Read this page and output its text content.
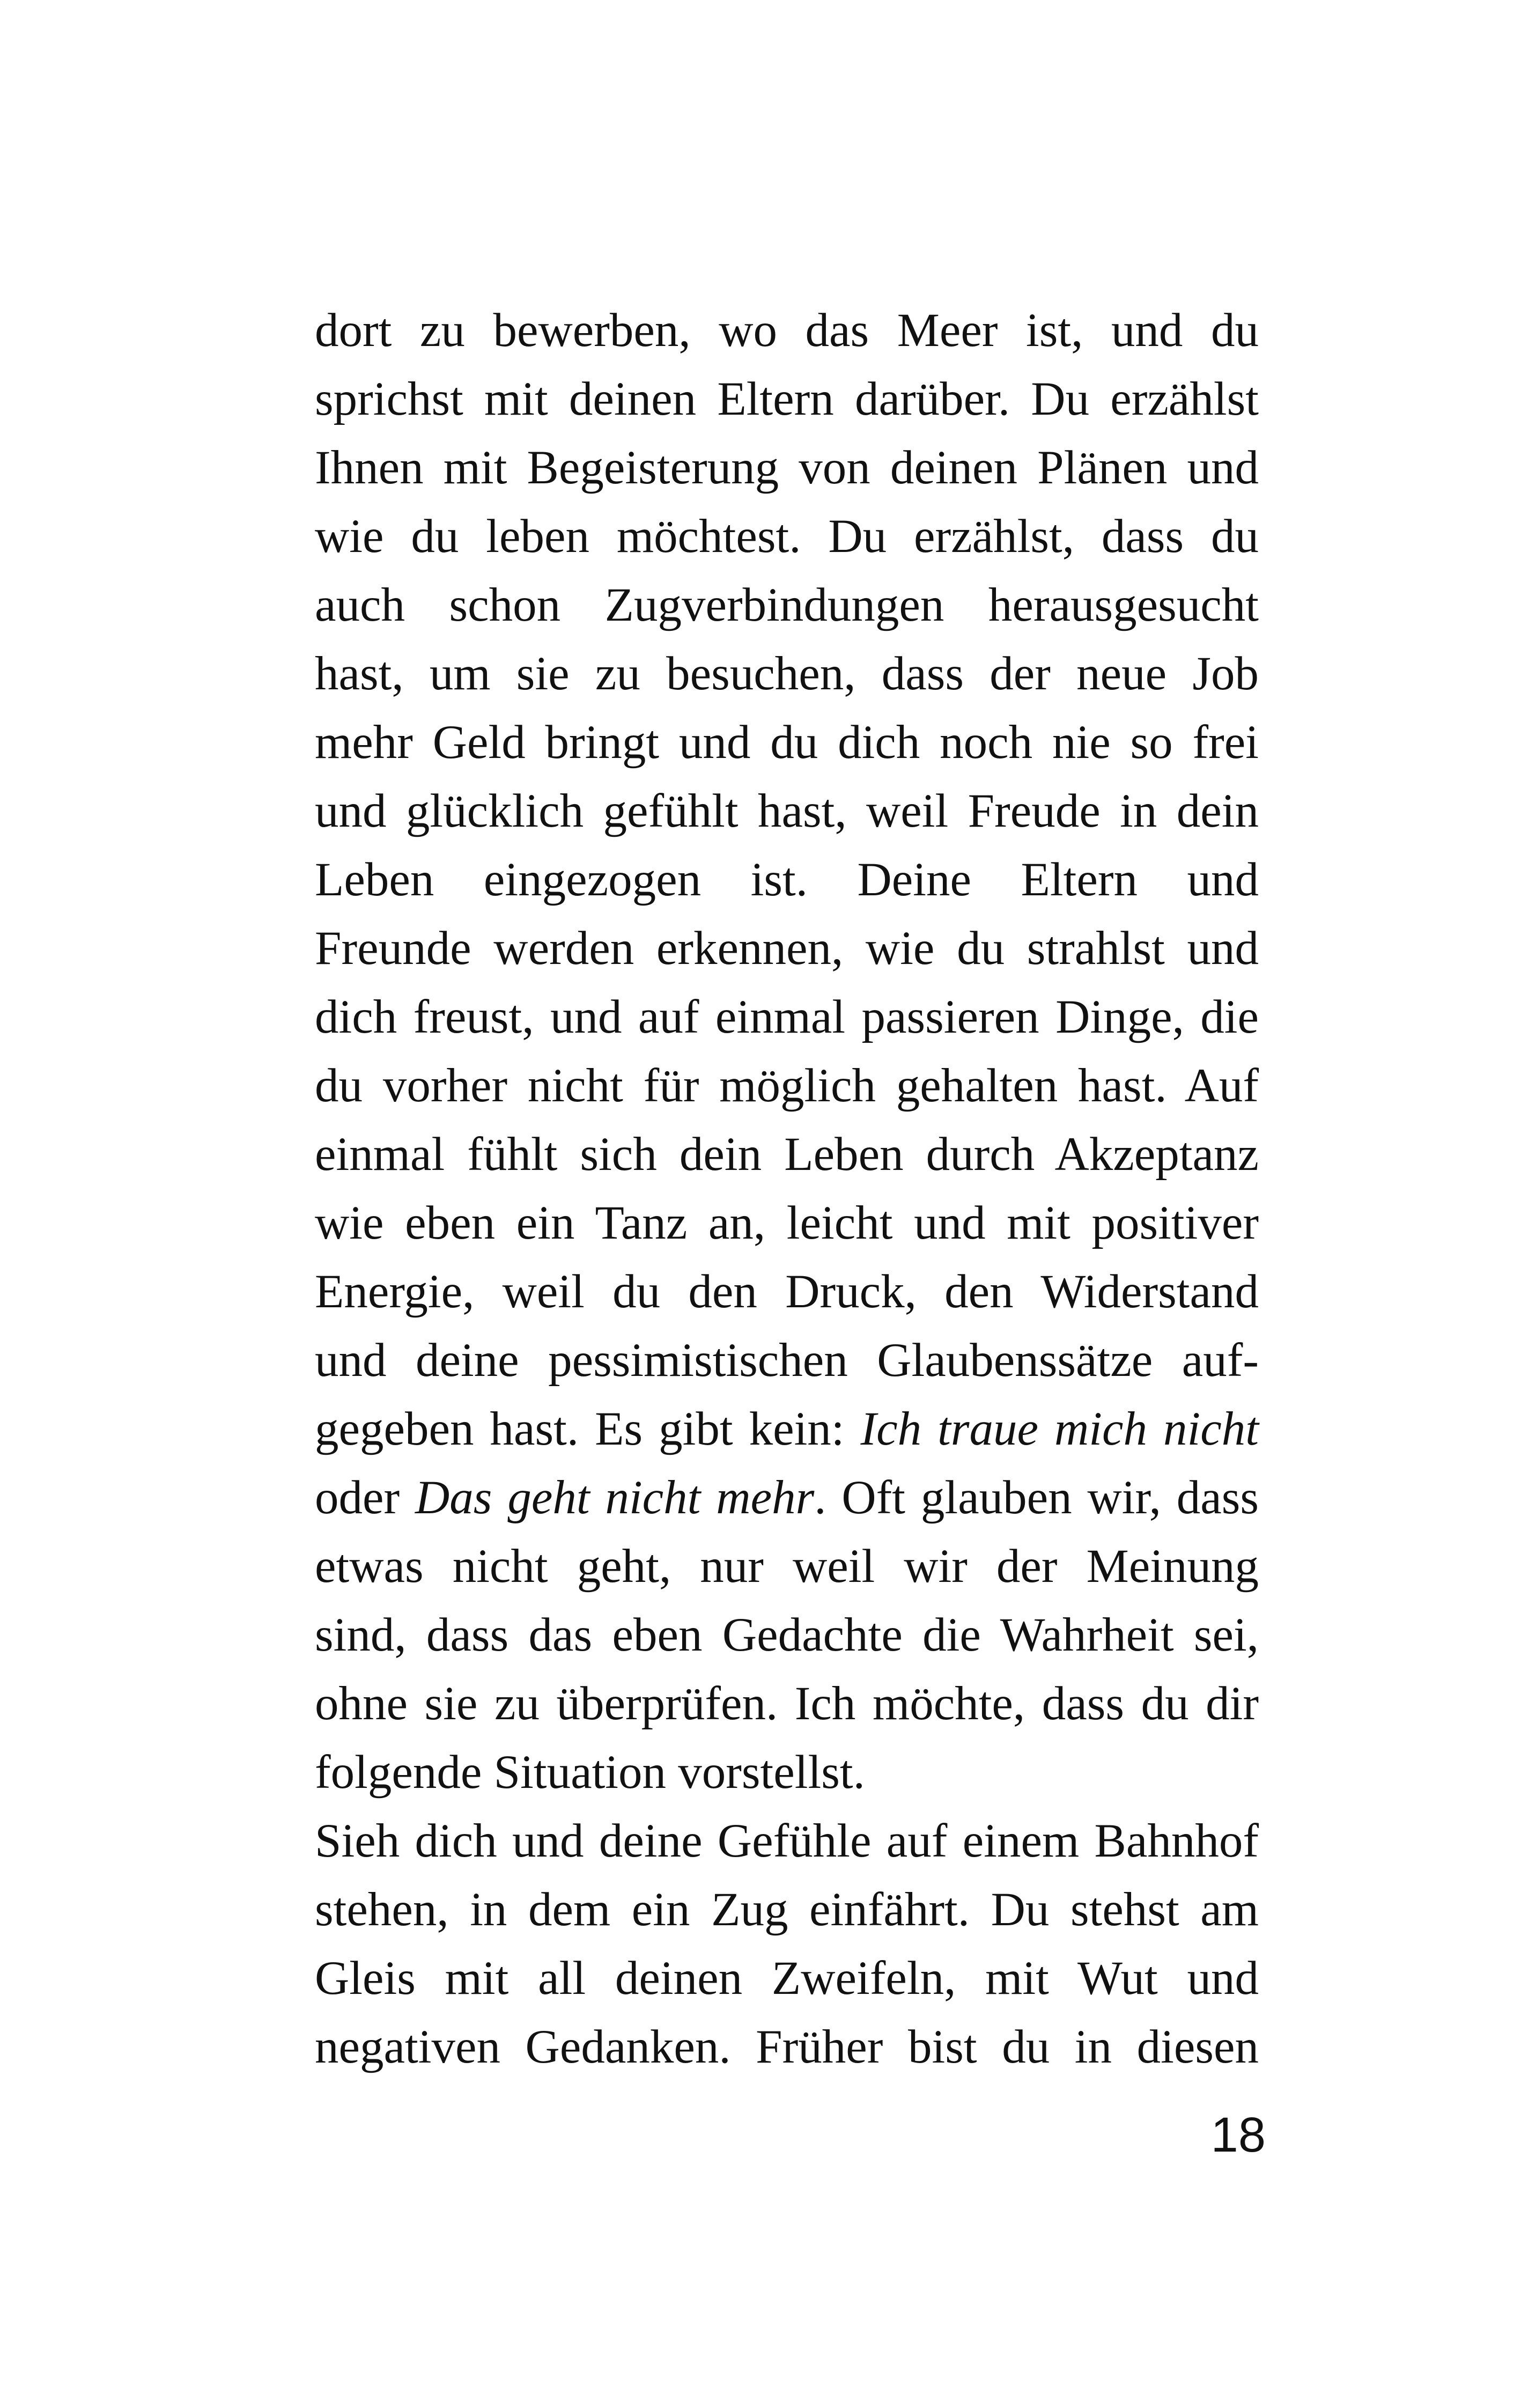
dort zu bewerben, wo das Meer ist, und du
sprichst mit deinen Eltern darüber. Du erzählst
Ihnen mit Begeisterung von deinen Plänen und
wie du leben möchtest. Du erzählst, dass du
auch schon Zugverbindungen herausgesucht
hast, um sie zu besuchen, dass der neue Job
mehr Geld bringt und du dich noch nie so frei
und glücklich gefühlt hast, weil Freude in dein
Leben eingezogen ist. Deine Eltern und
Freunde werden erkennen, wie du strahlst und
dich freust, und auf einmal passieren Dinge, die
du vorher nicht für möglich gehalten hast. Auf
einmal fühlt sich dein Leben durch Akzeptanz
wie eben ein Tanz an, leicht und mit positiver
Energie, weil du den Druck, den Widerstand
und deine pessimistischen Glaubenssätze auf-
gegeben hast. Es gibt kein: Ich traue mich nicht
oder Das geht nicht mehr. Oft glauben wir, dass
etwas nicht geht, nur weil wir der Meinung
sind, dass das eben Gedachte die Wahrheit sei,
ohne sie zu überprüfen. Ich möchte, dass du dir
folgende Situation vorstellst.
Sieh dich und deine Gefühle auf einem Bahnhof
stehen, in dem ein Zug einfährt. Du stehst am
Gleis mit all deinen Zweifeln, mit Wut und
negativen Gedanken. Früher bist du in diesen
18
